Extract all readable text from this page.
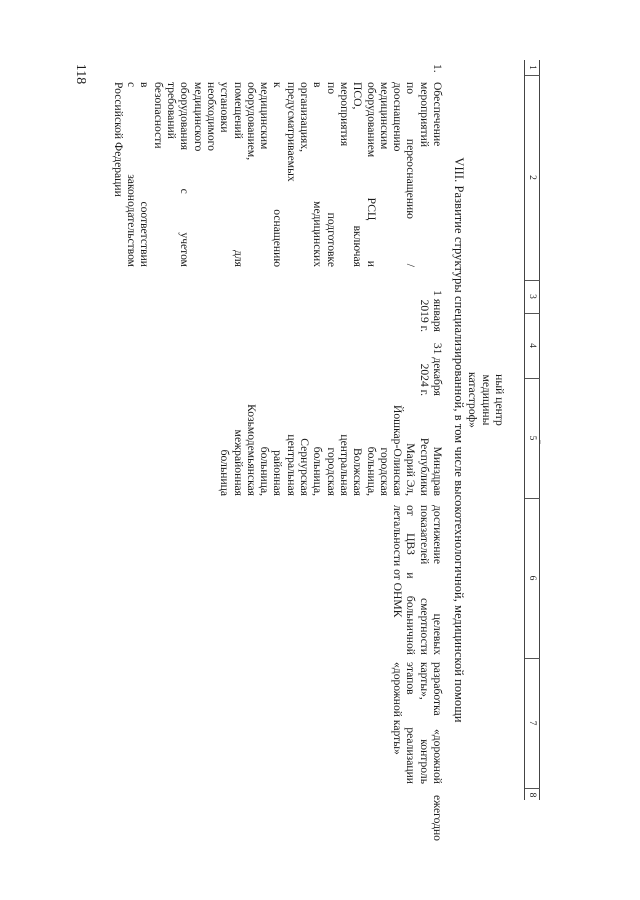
118	1
2
3
4
5
6
7
8
ный центр
медицины
катастроф»
VIII. Развитие структуры специализированной, в том числе высокотехнологичной, медицинской помощи
1.
Обеспечение
мероприятий
по переоснащению /
дооснащению
медицинским
оборудованием РСЦ и
ПСО, включая
мероприятия
по подготовке
в медицинских
организациях,
предусматриваемых
к оснащению
медицинским
оборудованием,
помещений для
установки
необходимого
медицинского
оборудования с учетом
требований
безопасности
в соответствии
с законодательством
Российской Федерации
1 января
2019 г.
31 декабря
2024 г.
Минздрав
Республики
Марий Эл,
Йошкар-Олинская
городская
больница,
Волжская
центральная
городская
больница,
Сернурская
центральная
районная
больница,
Козьмодемьянская
межрайонная
больница
достижение целевых
показателей смертности
от ЦВЗ и больничной
летальности от ОНМК
разработка «дорожной
карты», контроль
этапов реализации
«дорожной карты»
ежегодно
